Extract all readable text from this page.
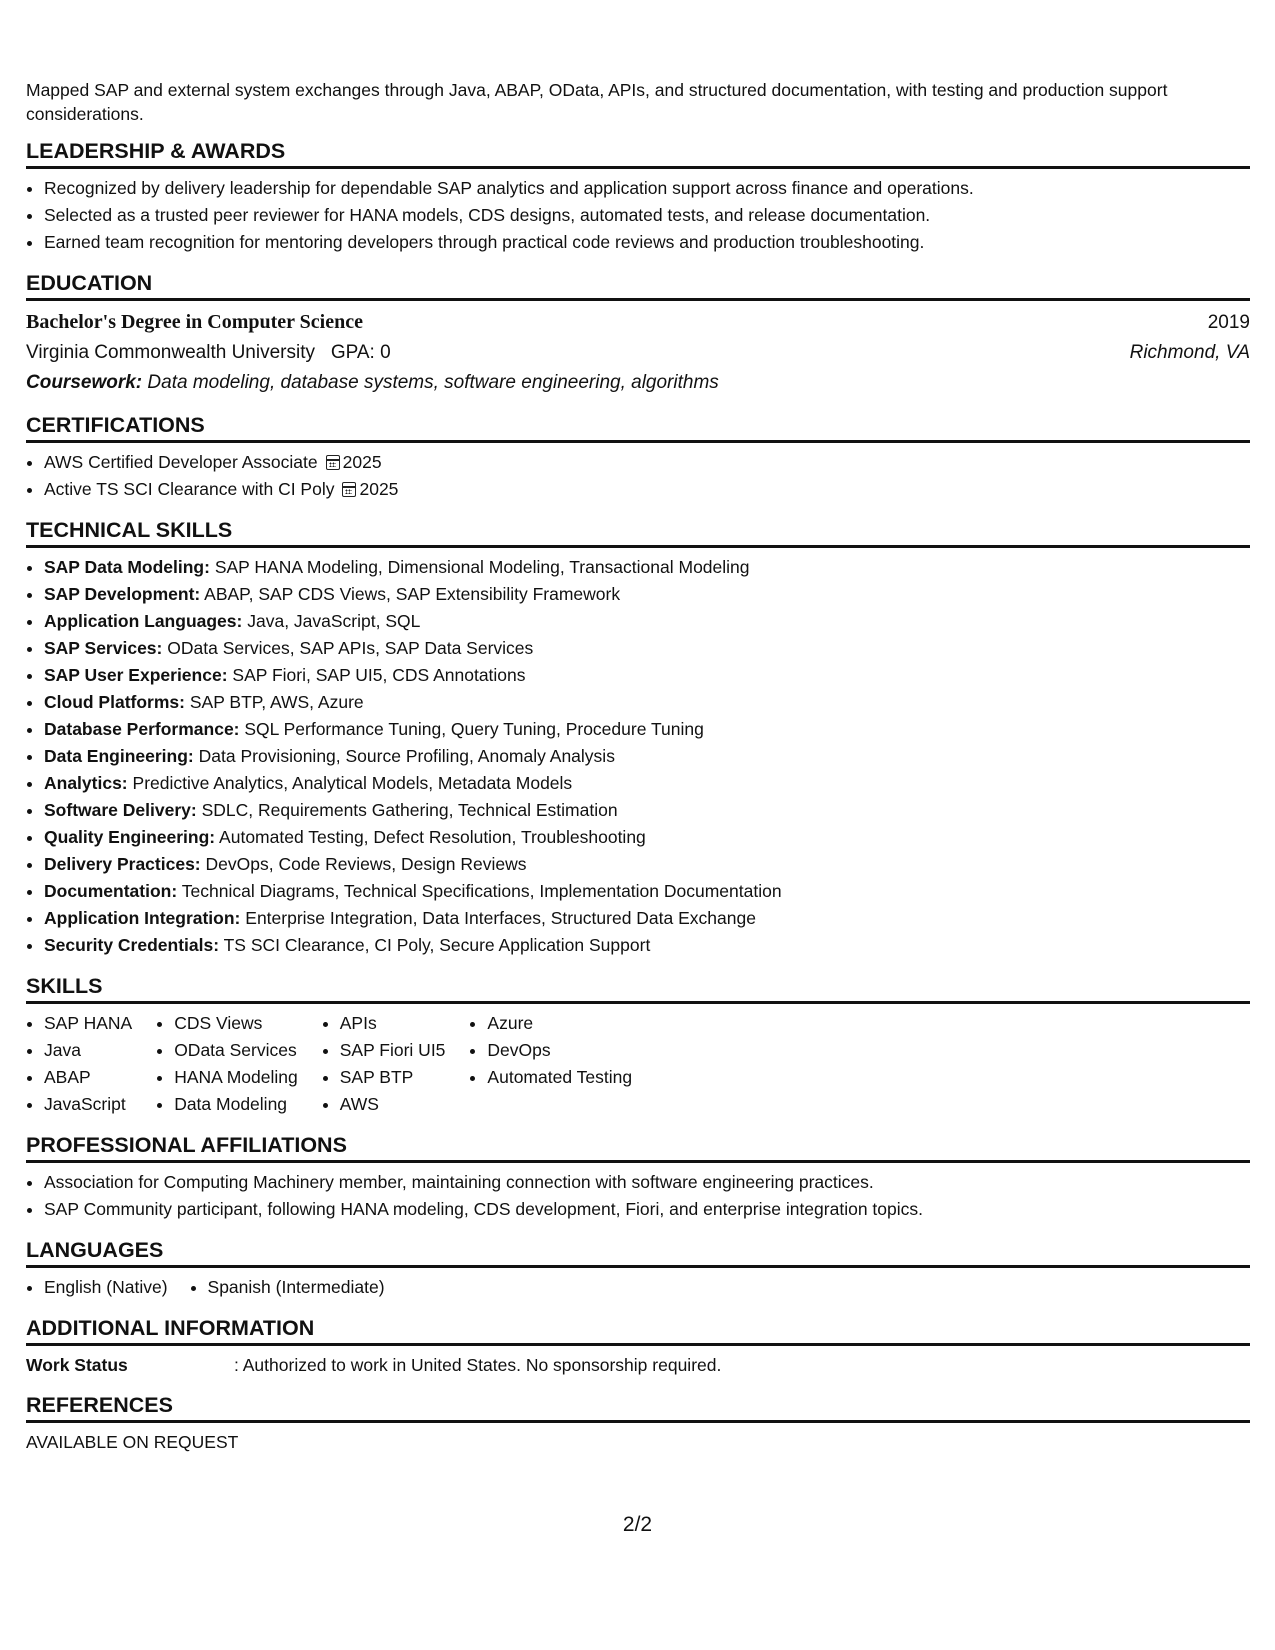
Mapped SAP and external system exchanges through Java, ABAP, OData, APIs, and structured documentation, with testing and production support considerations.
LEADERSHIP & AWARDS
• Recognized by delivery leadership for dependable SAP analytics and application support across finance and operations.
• Selected as a trusted peer reviewer for HANA models, CDS designs, automated tests, and release documentation.
• Earned team recognition for mentoring developers through practical code reviews and production troubleshooting.
EDUCATION
Bachelor's Degree in Computer Science	2019
Virginia Commonwealth University GPA: 0	Richmond, VA
Coursework: Data modeling, database systems, software engineering, algorithms
CERTIFICATIONS
• AWS Certified Developer Associate 2025
• Active TS SCI Clearance with CI Poly 2025
TECHNICAL SKILLS
• SAP Data Modeling: SAP HANA Modeling, Dimensional Modeling, Transactional Modeling
• SAP Development: ABAP, SAP CDS Views, SAP Extensibility Framework
• Application Languages: Java, JavaScript, SQL
• SAP Services: OData Services, SAP APIs, SAP Data Services
• SAP User Experience: SAP Fiori, SAP UI5, CDS Annotations
• Cloud Platforms: SAP BTP, AWS, Azure
• Database Performance: SQL Performance Tuning, Query Tuning, Procedure Tuning
• Data Engineering: Data Provisioning, Source Profiling, Anomaly Analysis
• Analytics: Predictive Analytics, Analytical Models, Metadata Models
• Software Delivery: SDLC, Requirements Gathering, Technical Estimation
• Quality Engineering: Automated Testing, Defect Resolution, Troubleshooting
• Delivery Practices: DevOps, Code Reviews, Design Reviews
• Documentation: Technical Diagrams, Technical Specifications, Implementation Documentation
• Application Integration: Enterprise Integration, Data Interfaces, Structured Data Exchange
• Security Credentials: TS SCI Clearance, CI Poly, Secure Application Support
SKILLS
• SAP HANA
• Java
• ABAP
• JavaScript
• CDS Views
• OData Services
• HANA Modeling
• Data Modeling
• APIs
• SAP Fiori UI5
• SAP BTP
• AWS
• Azure
• DevOps
• Automated Testing
PROFESSIONAL AFFILIATIONS
• Association for Computing Machinery member, maintaining connection with software engineering practices.
• SAP Community participant, following HANA modeling, CDS development, Fiori, and enterprise integration topics.
LANGUAGES
• English (Native)
• Spanish (Intermediate)
ADDITIONAL INFORMATION
Work Status	: Authorized to work in United States. No sponsorship required.
REFERENCES
AVAILABLE ON REQUEST
2/2
